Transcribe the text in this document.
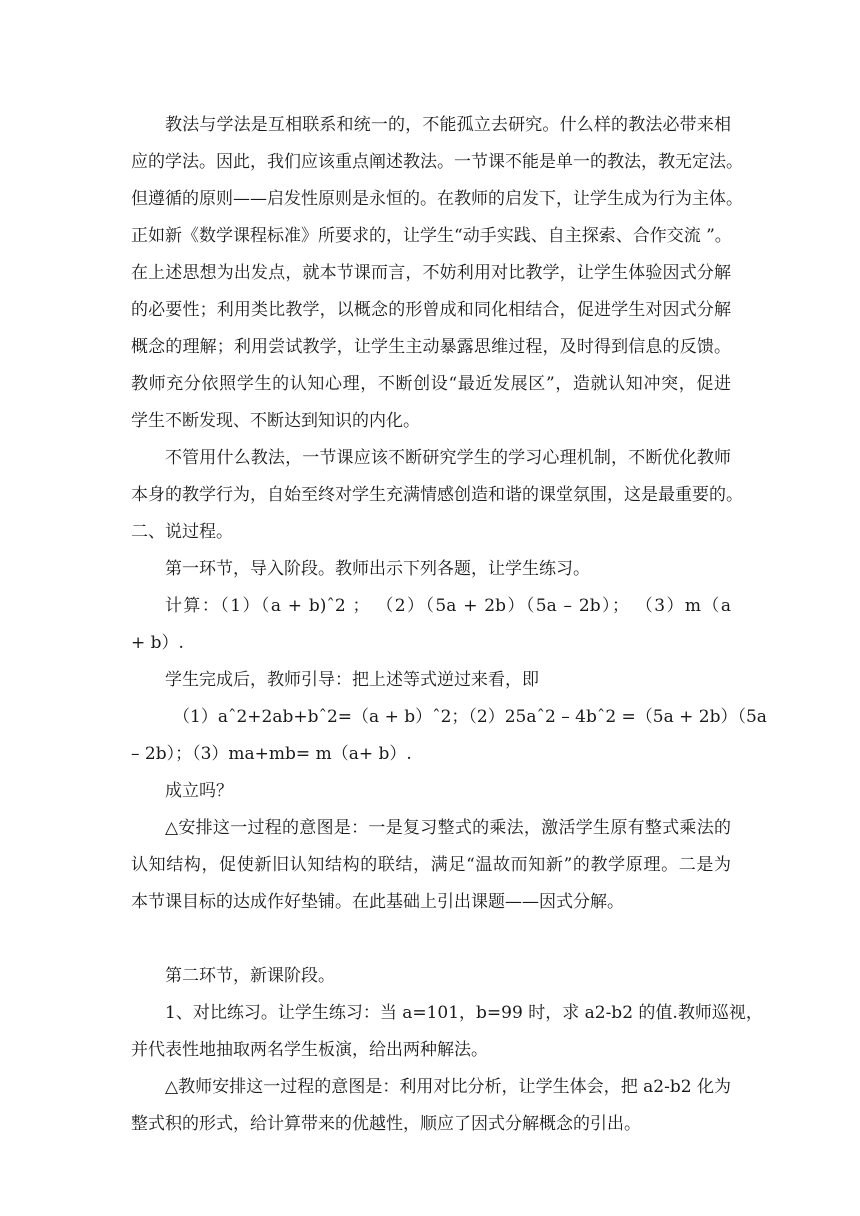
教法与学法是互相联系和统一的，不能孤立去研究。什么样的教法必带来相
应的学法。因此，我们应该重点阐述教法。一节课不能是单一的教法，教无定法。
但遵循的原则——启发性原则是永恒的。在教师的启发下，让学生成为行为主体。
正如新《数学课程标准》所要求的，让学生“动手实践、自主探索、合作交流 ”。
在上述思想为出发点，就本节课而言，不妨利用对比教学，让学生体验因式分解
的必要性；利用类比教学，以概念的形曾成和同化相结合，促进学生对因式分解
概念的理解；利用尝试教学，让学生主动暴露思维过程，及时得到信息的反馈。
教师充分依照学生的认知心理，不断创设“最近发展区”，造就认知冲突，促进
学生不断发现、不断达到知识的内化。
不管用什么教法，一节课应该不断研究学生的学习心理机制，不断优化教师
本身的教学行为，自始至终对学生充满情感创造和谐的课堂氛围，这是最重要的。
二、说过程。
第一环节，导入阶段。教师出示下列各题，让学生练习。
计算：（1）（a + b)ˆ2 ； （2）（5a + 2b）（5a – 2b）； （3）m（a
+ b）.
学生完成后，教师引导：把上述等式逆过来看，即
（1）aˆ2+2ab+bˆ2=（a + b）ˆ2；（2）25aˆ2 – 4bˆ2 =（5a + 2b）（5a
– 2b）；（3）ma+mb= m（a+ b）.
成立吗？
△安排这一过程的意图是：一是复习整式的乘法，激活学生原有整式乘法的
认知结构，促使新旧认知结构的联结，满足“温故而知新”的教学原理。二是为
本节课目标的达成作好垫铺。在此基础上引出课题——因式分解。
第二环节，新课阶段。
1、对比练习。让学生练习：当 a=101，b=99 时，求 a2-b2 的值.教师巡视，
并代表性地抽取两名学生板演，给出两种解法。
△教师安排这一过程的意图是：利用对比分析，让学生体会，把 a2-b2 化为
整式积的形式，给计算带来的优越性，顺应了因式分解概念的引出。
